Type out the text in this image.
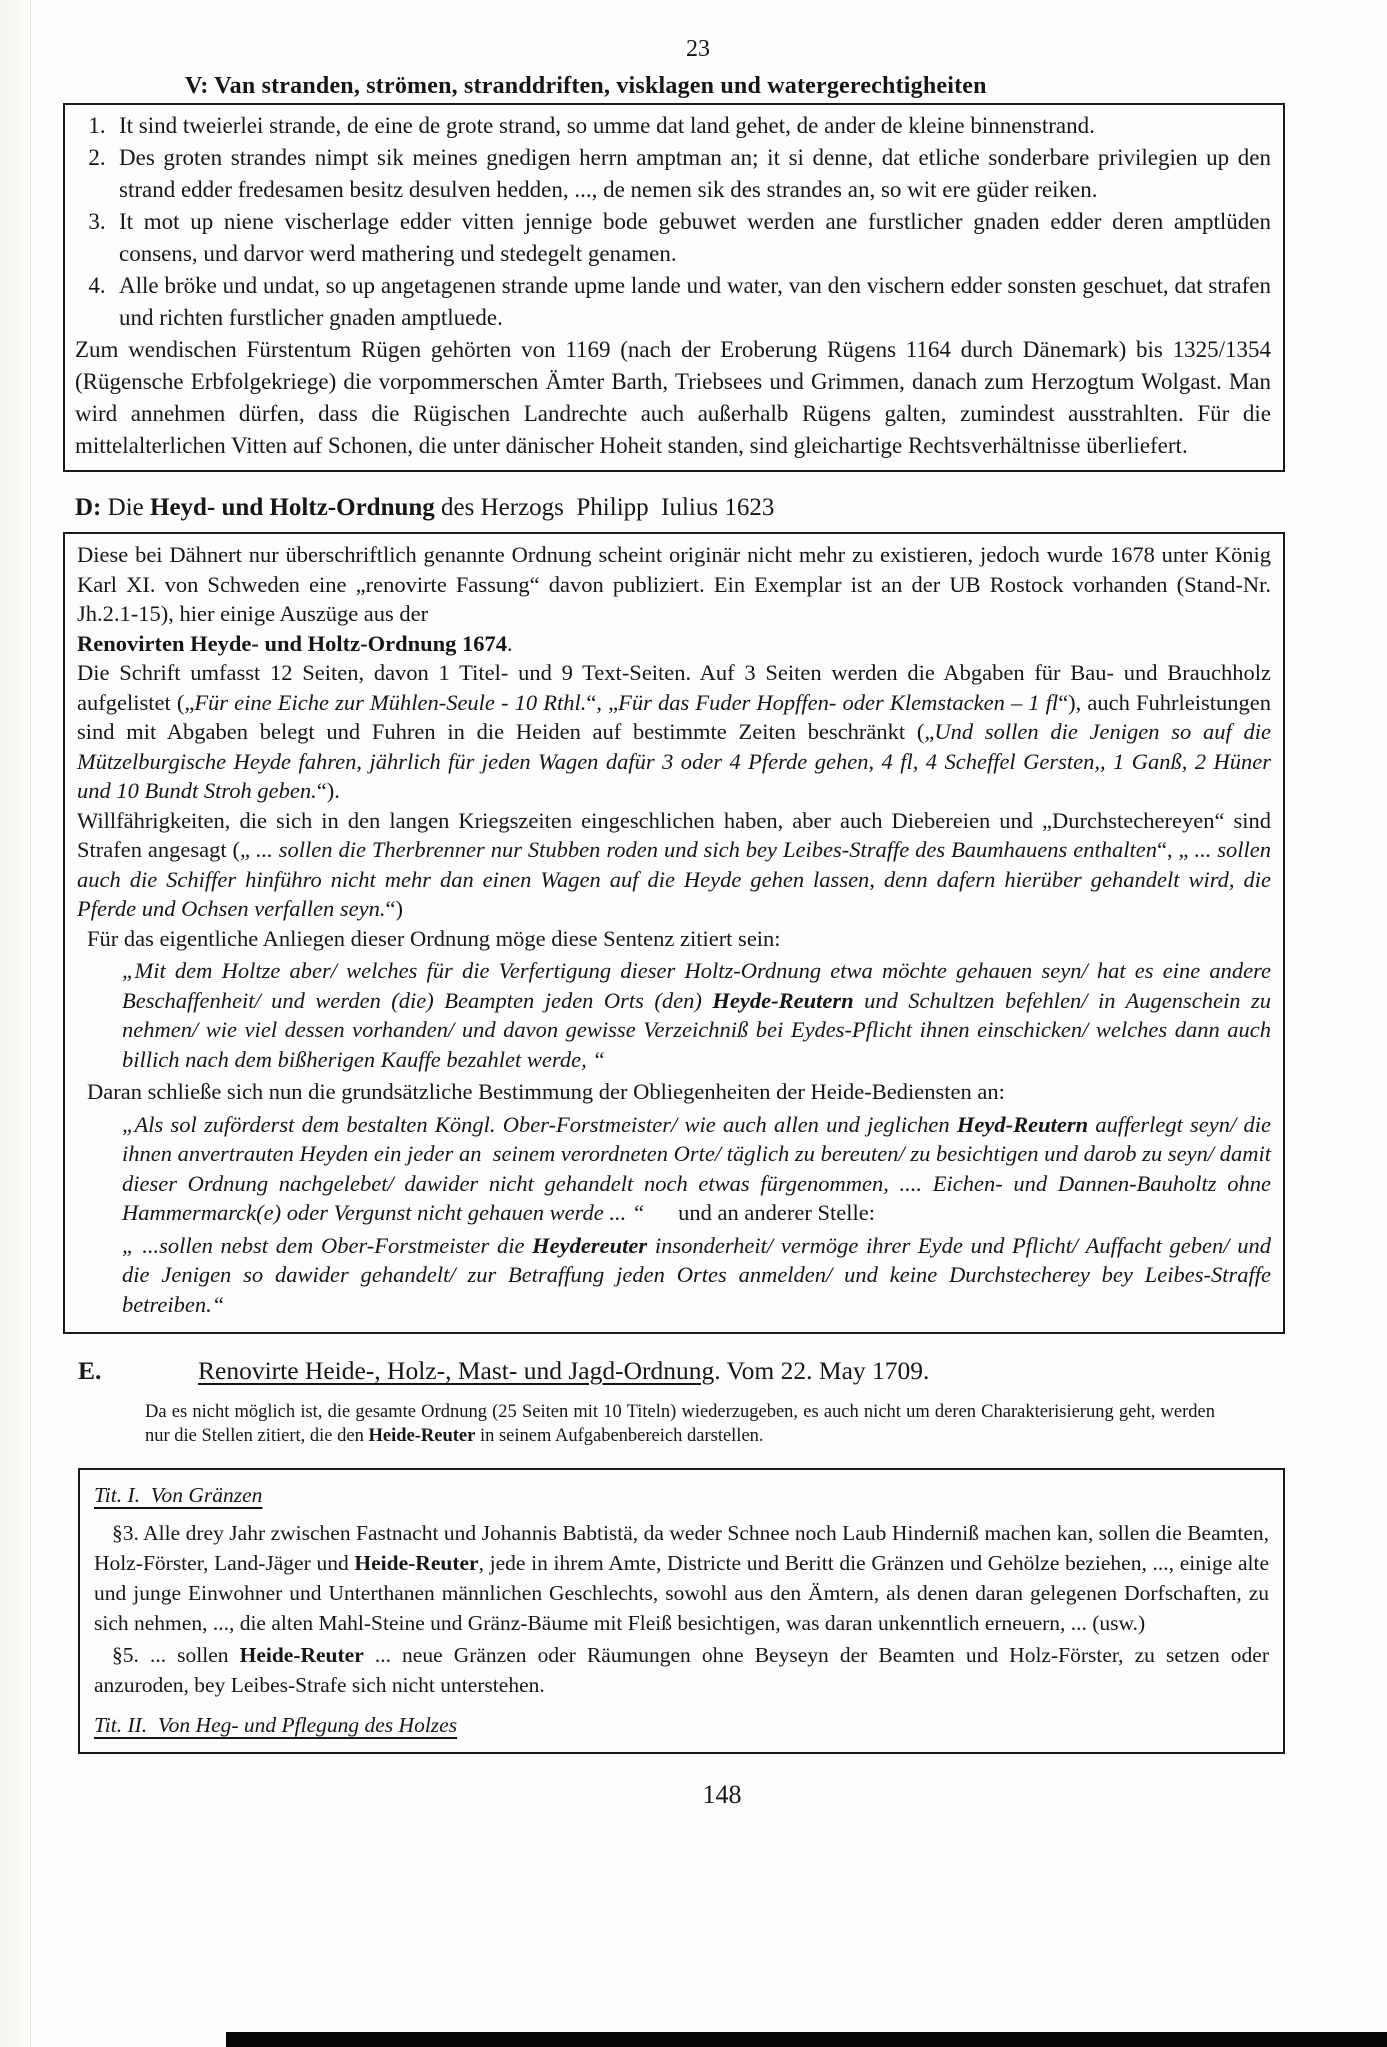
23
V: Van stranden, strömen, stranddriften, visklagen und watergerechtigheiten
1. It sind tweierlei strande, de eine de grote strand, so umme dat land gehet, de ander de kleine binnenstrand.
2. Des groten strandes nimpt sik meines gnedigen herrn amptman an; it si denne, dat etliche sonderbare privilegien up den strand edder fredesamen besitz desulven hedden, ..., de nemen sik des strandes an, so wit ere güder reiken.
3. It mot up niene vischerlage edder vitten jennige bode gebuwet werden ane furstlicher gnaden edder deren amptlüden consens, und darvor werd mathering und stedegelt genamen.
4. Alle bröke und undat, so up angetagenen strande upme lande und water, van den vischern edder sonsten geschuet, dat strafen und richten furstlicher gnaden amptluede.

Zum wendischen Fürstentum Rügen gehörten von 1169 (nach der Eroberung Rügens 1164 durch Dänemark) bis 1325/1354 (Rügensche Erbfolgekriege) die vorpommerschen Ämter Barth, Triebsees und Grimmen, danach zum Herzogtum Wolgast. Man wird annehmen dürfen, dass die Rügischen Landrechte auch außerhalb Rügens galten, zumindest ausstrahlten. Für die mittelalterlichen Vitten auf Schonen, die unter dänischer Hoheit standen, sind gleichartige Rechtsverhältnisse überliefert.

D: Die Heyd- und Holtz-Ordnung des Herzogs  Philipp  Iulius 1623

Diese bei Dähnert nur überschriftlich genannte Ordnung scheint originär nicht mehr zu existieren, jedoch wurde 1678 unter König Karl XI. von Schweden eine „renovirte Fassung“ davon publiziert. Ein Exemplar ist an der UB Rostock vorhanden (Stand-Nr. Jh.2.1-15), hier einige Auszüge aus der

Renovirten Heyde- und Holtz-Ordnung 1674.

Die Schrift umfasst 12 Seiten, davon 1 Titel- und 9 Text-Seiten. Auf 3 Seiten werden die Abgaben für Bau- und Brauchholz aufgelistet („Für eine Eiche zur Mühlen-Seule - 10 Rthl.“, „Für das Fuder Hopffen- oder Klemstacken – 1 fl“), auch Fuhrleistungen sind mit Abgaben belegt und Fuhren in die Heiden auf bestimmte Zeiten beschränkt („Und sollen die Jenigen so auf die Mützelburgische Heyde fahren, jährlich für jeden Wagen dafür 3 oder 4 Pferde gehen, 4 fl, 4 Scheffel Gersten,, 1 Ganß, 2 Hüner und 10 Bundt Stroh geben.“).

Willfährigkeiten, die sich in den langen Kriegszeiten eingeschlichen haben, aber auch Diebereien und „Durchstechereyen“ sind Strafen angesagt („ ... sollen die Therbrenner nur Stubben roden und sich bey Leibes-Straffe des Baumhauens enthalten“, „ ... sollen auch die Schiffer hinführo nicht mehr dan einen Wagen auf die Heyde gehen lassen, denn dafern hierüber gehandelt wird, die Pferde und Ochsen verfallen seyn.“)

Für das eigentliche Anliegen dieser Ordnung möge diese Sentenz zitiert sein:

„Mit dem Holtze aber/ welches für die Verfertigung dieser Holtz-Ordnung etwa möchte gehauen seyn/ hat es eine andere Beschaffenheit/ und werden (die) Beampten jeden Orts (den) Heyde-Reutern und Schultzen befehlen/ in Augenschein zu nehmen/ wie viel dessen vorhanden/ und davon gewisse Verzeichniß bei Eydes-Pflicht ihnen einschicken/ welches dann auch billich nach dem bißherigen Kauffe bezahlet werde, “

Daran schließe sich nun die grundsätzliche Bestimmung der Obliegenheiten der Heide-Bediensten an:

„Als sol zuförderst dem bestalten Köngl. Ober-Forstmeister/ wie auch allen und jeglichen Heyd-Reutern aufferlegt seyn/ die ihnen anvertrauten Heyden ein jeder an  seinem verordneten Orte/ täglich zu bereuten/ zu besichtigen und darob zu seyn/ damit dieser Ordnung nachgelebet/ dawider nicht gehandelt noch etwas fürgenommen, .... Eichen- und Dannen-Bauholtz ohne Hammermarck(e) oder Vergunst nicht gehauen werde ... “      und an anderer Stelle:

„ ...sollen nebst dem Ober-Forstmeister die Heydereuter insonderheit/ vermöge ihrer Eyde und Pflicht/ Auffacht geben/ und die Jenigen so dawider gehandelt/ zur Betraffung jeden Ortes anmelden/ und keine Durchstecherey bey Leibes-Straffe betreiben.“

E.	Renovirte Heide-, Holz-, Mast- und Jagd-Ordnung. Vom 22. May 1709.

Da es nicht möglich ist, die gesamte Ordnung (25 Seiten mit 10 Titeln) wiederzugeben, es auch nicht um deren Charakterisierung geht, werden nur die Stellen zitiert, die den Heide-Reuter in seinem Aufgabenbereich darstellen.

Tit. I.  Von Gränzen

§3. Alle drey Jahr zwischen Fastnacht und Johannis Babtistä, da weder Schnee noch Laub Hinderniß machen kan, sollen die Beamten, Holz-Förster, Land-Jäger und Heide-Reuter, jede in ihrem Amte, Districte und Beritt die Gränzen und Gehölze beziehen, ..., einige alte und junge Einwohner und Unterthanen männlichen Geschlechts, sowohl aus den Ämtern, als denen daran gelegenen Dorfschaften, zu sich nehmen, ..., die alten Mahl-Steine und Gränz-Bäume mit Fleiß besichtigen, was daran unkenntlich erneuern, ... (usw.)

§5. ... sollen Heide-Reuter ... neue Gränzen oder Räumungen ohne Beyseyn der Beamten und Holz-Förster, zu setzen oder anzuroden, bey Leibes-Strafe sich nicht unterstehen.

Tit. II.  Von Heg- und Pflegung des Holzes

148
